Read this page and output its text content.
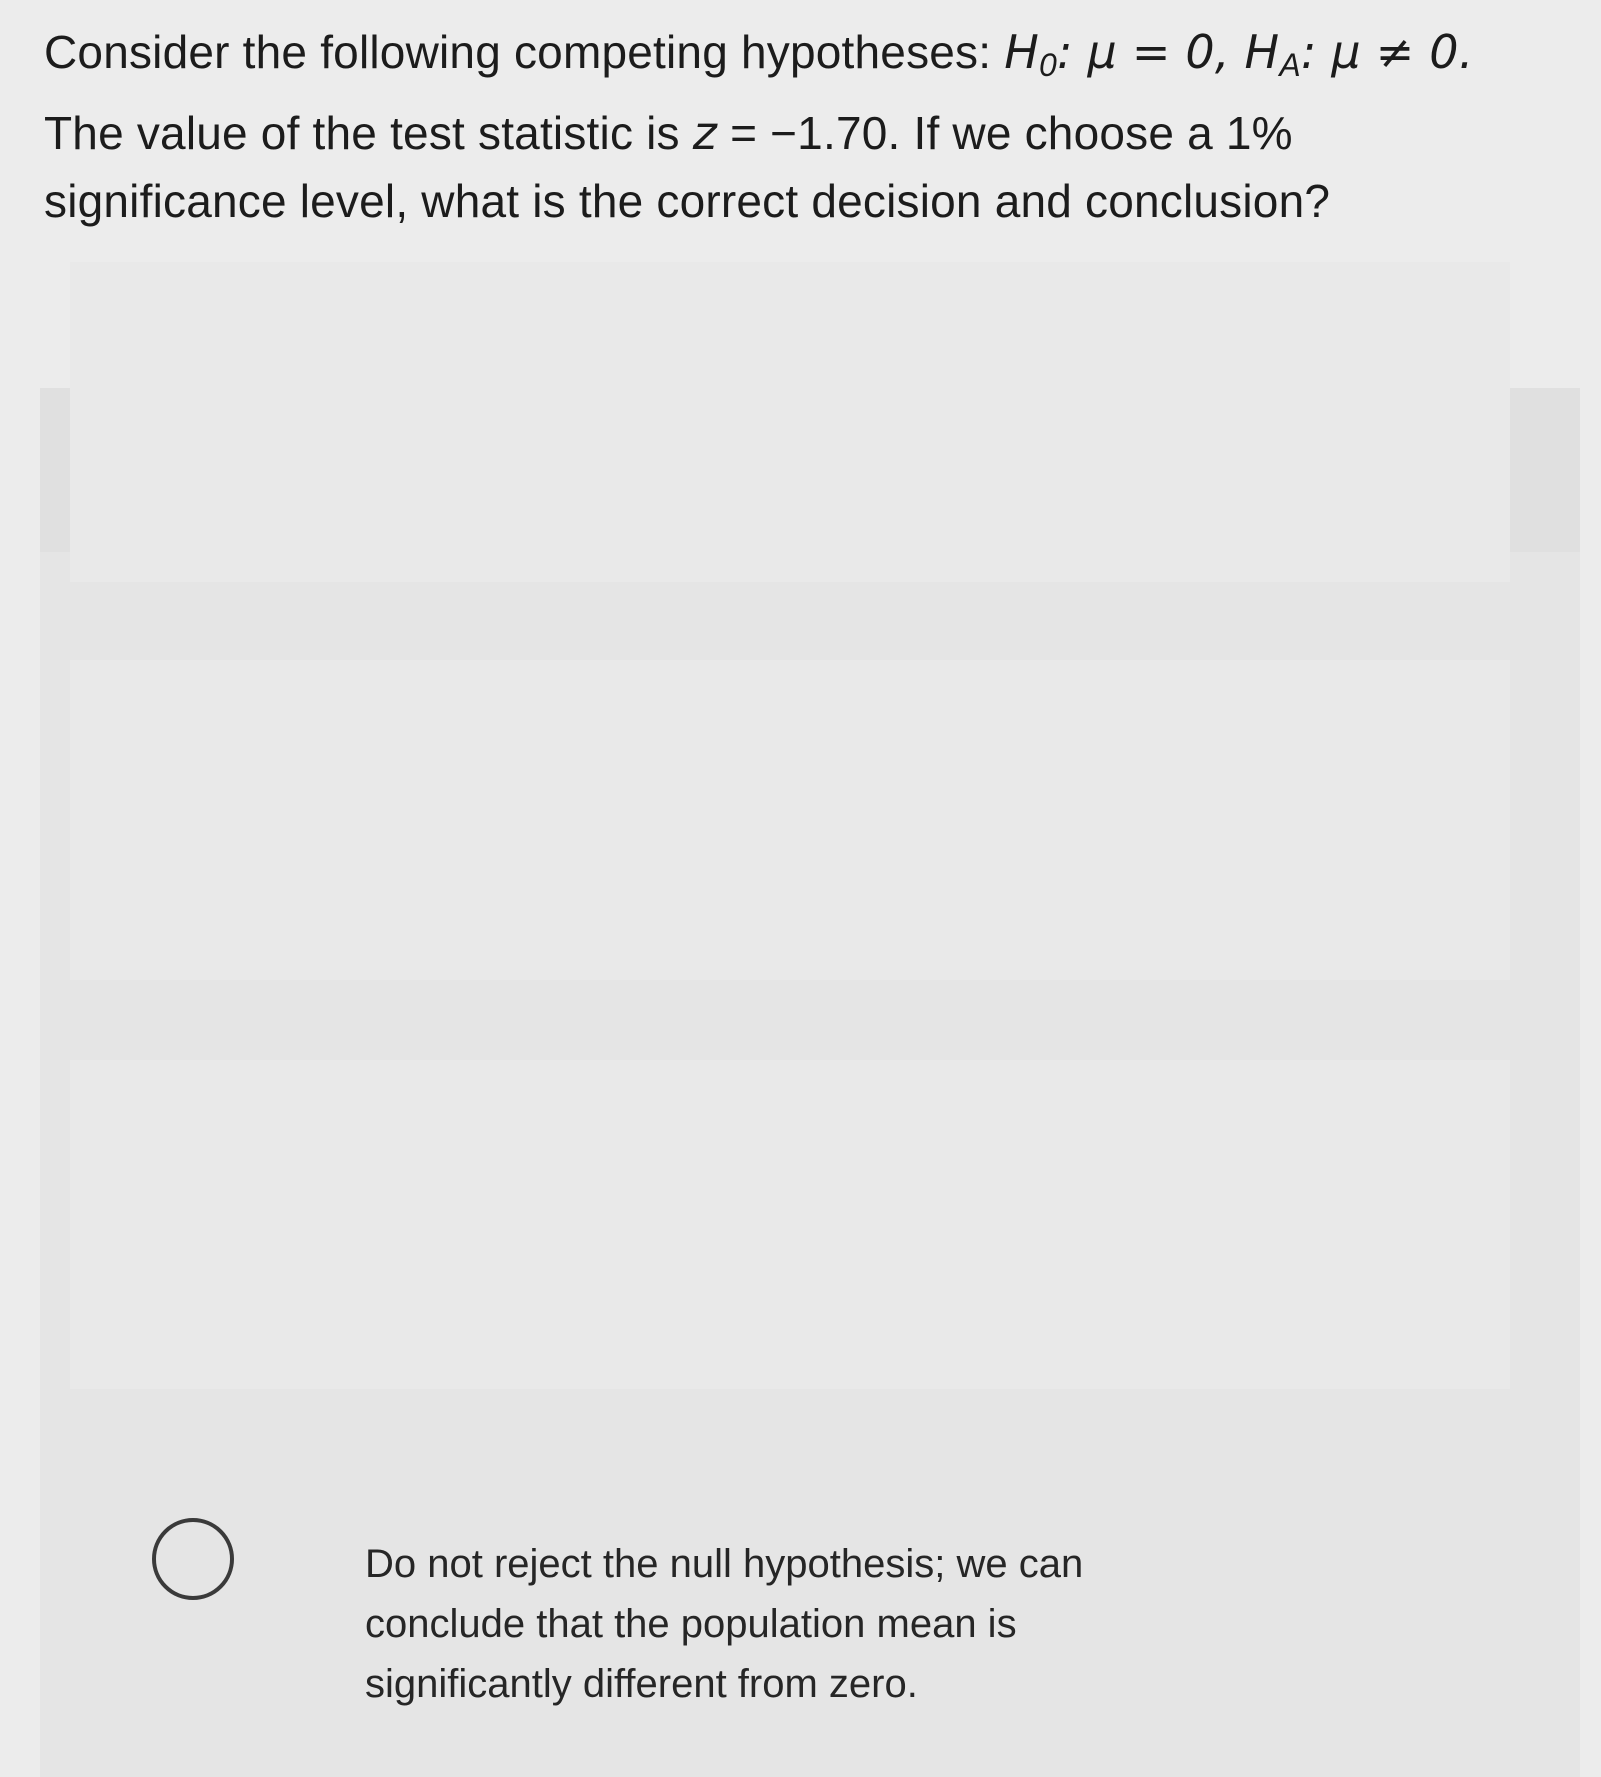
Consider the following competing hypotheses: $H_0$: μ = 0, $H_A$: μ ≠ 0.
The value of the test statistic is z = −1.70. If we choose a 1%
significance level, what is the correct decision and conclusion?

Do not reject the null hypothesis; we can
conclude that the population mean is
significantly different from zero.
